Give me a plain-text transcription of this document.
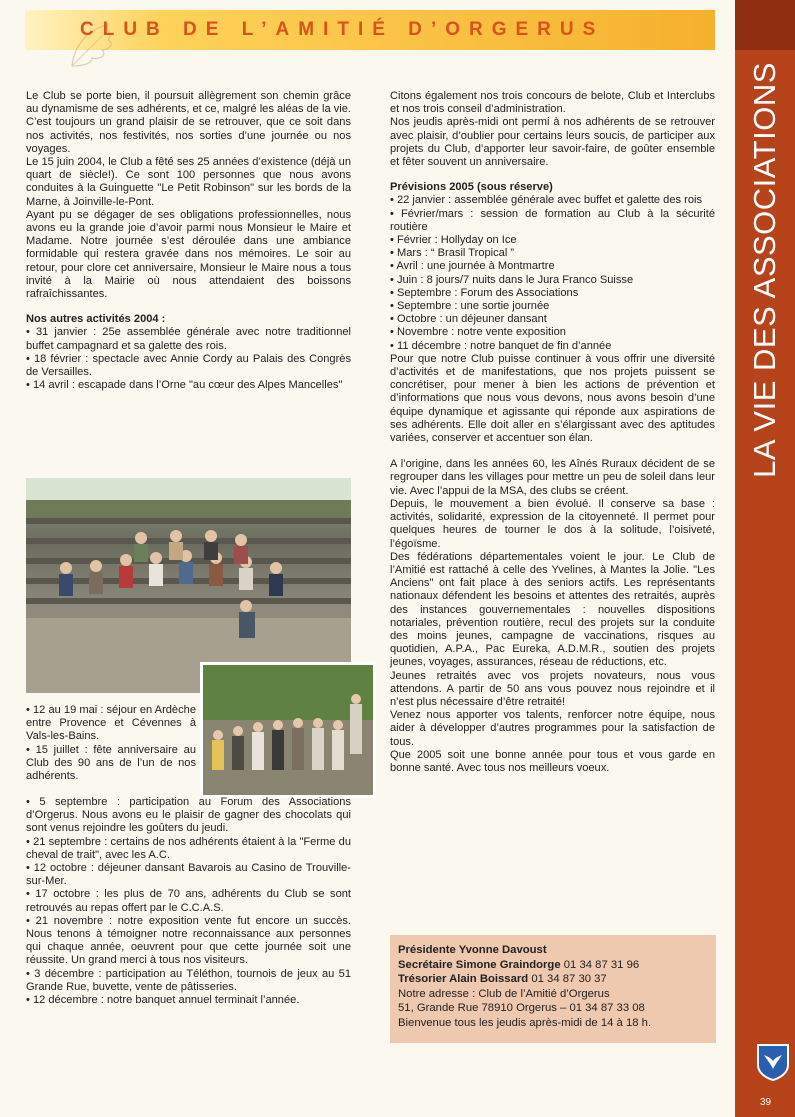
CLUB DE L’AMITIÉ D’ORGERUS
LA VIE DES ASSOCIATIONS
39

Le Club se porte bien, il poursuit allègrement son chemin grâce au dynamisme de ses adhérents, et ce, malgré les aléas de la vie.

C’est toujours un grand plaisir de se retrouver, que ce soit dans nos activités, nos festivités, nos sorties d’une journée ou nos voyages.

Le 15 juin 2004, le Club a fêté ses 25 années d’existence (déjà un quart de siècle!). Ce sont 100 personnes que nous avons conduites à la Guinguette "Le Petit Robinson" sur les bords de la Marne, à Joinville-le-Pont.

Ayant pu se dégager de ses obligations professionnelles, nous avons eu la grande joie d’avoir parmi nous Monsieur le Maire et Madame. Notre journée s’est déroulée dans une ambiance formidable qui restera gravée dans nos mémoires. Le soir au retour, pour clore cet anniversaire, Monsieur le Maire nous a tous invité à la Mairie où nous attendaient des boissons rafraîchissantes.

Nos autres activités 2004 :

• 31 janvier : 25e assemblée générale avec notre traditionnel buffet campagnard et sa galette des rois.
• 18 février : spectacle avec Annie Cordy au Palais des Congrès de Versailles.
• 14 avril : escapade dans l’Orne "au cœur des Alpes Mancelles"
• 12 au 19 mai : séjour en Ardèche entre Provence et Cévennes à Vals-les-Bains.
• 15 juillet : fête anniversaire au Club des 90 ans de l’un de nos adhérents.
• 5 septembre : participation au Forum des Associations d’Orgerus. Nous avons eu le plaisir de gagner des chocolats qui sont venus rejoindre les goûters du jeudi.
• 21 septembre : certains de nos adhérents étaient à la "Ferme du cheval de trait", avec les A.C.
• 12 octobre : déjeuner dansant Bavarois au Casino de Trouville-sur-Mer.
• 17 octobre : les plus de 70 ans, adhérents du Club se sont retrouvés au repas offert par le C.C.A.S.
• 21 novembre : notre exposition vente fut encore un succès. Nous tenons à témoigner notre reconnaissance aux personnes qui chaque année, oeuvrent pour que cette journée soit une réussite. Un grand merci à tous nos visiteurs.
• 3 décembre : participation au Téléthon, tournois de jeux au 51 Grande Rue, buvette, vente de pâtisseries.
• 12 décembre : notre banquet annuel terminait l’année.

Citons également nos trois concours de belote, Club et Interclubs et nos trois conseil d’administration.

Nos jeudis après-midi ont permi à nos adhérents de se retrouver avec plaisir, d’oublier pour certains leurs soucis, de participer aux projets du Club, d’apporter leur savoir-faire, de goûter ensemble et fêter souvent un anniversaire.

Prévisions 2005 (sous réserve)

• 22 janvier : assemblée générale avec buffet et galette des rois
• Février/mars : session de formation au Club à la sécurité routière
• Février : Hollyday on Ice
• Mars : “ Brasil Tropical ”
• Avril : une journée à Montmartre
• Juin : 8 jours/7 nuits dans le Jura Franco Suisse
• Septembre : Forum des Associations
• Septembre : une sortie journée
• Octobre : un déjeuner dansant
• Novembre : notre vente exposition
• 11 décembre : notre banquet de fin d’année

Pour que notre Club puisse continuer à vous offrir une diversité d’activités et de manifestations, que nos projets puissent se concrétiser, pour mener à bien les actions de prévention et d’informations que nous vous devons, nous avons besoin d’une équipe dynamique et agissante qui réponde aux aspirations de ses adhérents. Elle doit aller en s’élargissant avec des aptitudes variées, conserver et accentuer son élan.

A l’origine, dans les années 60, les Aînés Ruraux décident de se regrouper dans les villages pour mettre un peu de soleil dans leur vie. Avec l’appui de la MSA, des clubs se créent.

Depuis, le mouvement a bien évolué. Il conserve sa base : activités, solidarité, expression de la citoyenneté. Il permet pour quelques heures de tourner le dos à la solitude, l’oisiveté, l’égoïsme.

Des fédérations départementales voient le jour. Le Club de l’Amitié est rattaché à celle des Yvelines, à Mantes la Jolie. "Les Anciens" ont fait place à des seniors actifs. Les représentants nationaux défendent les besoins et attentes des retraités, auprès des instances gouvernementales : nouvelles dispositions notariales, prévention routière, recul des projets sur la conduite des moins jeunes, campagne de vaccinations, risques au quotidien, A.P.A., Pac Eureka, A.D.M.R., soutien des projets jeunes, voyages, assurances, réseau de réductions, etc.

Jeunes retraités avec vos projets novateurs, nous vous attendons. A partir de 50 ans vous pouvez nous rejoindre et il n’est plus nécessaire d’être retraité!

Venez nous apporter vos talents, renforcer notre équipe, nous aider à développer d’autres programmes pour la satisfaction de tous.

Que 2005 soit une bonne année pour tous et vous garde en bonne santé. Avec tous nos meilleurs voeux.

Présidente Yvonne Davoust
Secrétaire Simone Graindorge 01 34 87 31 96
Trésorier Alain Boissard 01 34 87 30 37
Notre adresse : Club de l’Amitié d’Orgerus
51, Grande Rue 78910 Orgerus – 01 34 87 33 08
Bienvenue tous les jeudis après-midi de 14 à 18 h.
